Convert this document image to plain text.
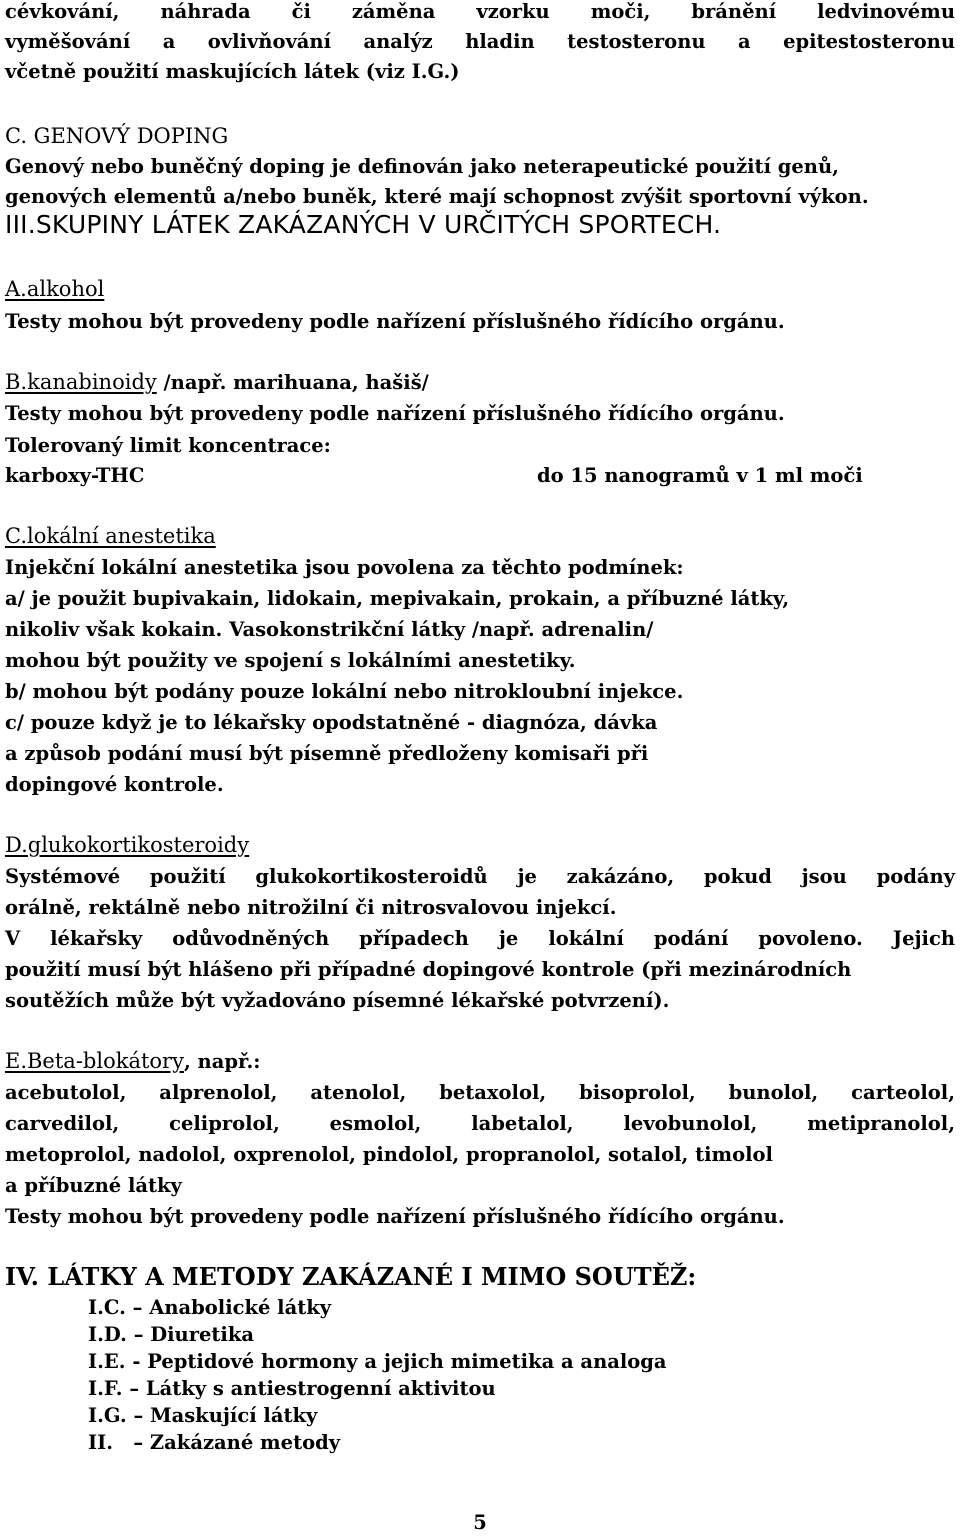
cévkování, náhrada či záměna vzorku moči, bránění ledvinovému
vyměšování a ovlivňování analýz hladin testosteronu a epitestosteronu
včetně použití maskujících látek (viz I.G.)
C. GENOVÝ DOPING
Genový nebo buněčný doping je definován jako neterapeutické použití genů,
genových elementů a/nebo buněk, které mají schopnost zvýšit sportovní výkon.
III.SKUPINY LÁTEK ZAKÁZANÝCH V URČITÝCH SPORTECH.
A.alkohol
Testy mohou být provedeny podle nařízení příslušného řídícího orgánu.
B.kanabinoidy /např. marihuana, hašiš/
Testy mohou být provedeny podle nařízení příslušného řídícího orgánu.
Tolerovaný limit koncentrace:
karboxy-THC	do 15 nanogramů v 1 ml moči
C.lokální anestetika
Injekční lokální anestetika jsou povolena za těchto podmínek:
a/ je použit bupivakain, lidokain, mepivakain, prokain, a příbuzné látky,
nikoliv však kokain. Vasokonstrikční látky /např. adrenalin/
mohou být použity ve spojení s lokálními anestetiky.
b/ mohou být podány pouze lokální nebo nitrokloubní injekce.
c/ pouze když je to lékařsky opodstatněné - diagnóza, dávka
a způsob podání musí být písemně předloženy komisaři při
dopingové kontrole.
D.glukokortikosteroidy
Systémové použití glukokortikosteroidů je zakázáno, pokud jsou podány
orálně, rektálně nebo nitrožilní či nitrosvalovou injekcí.
V lékařsky odůvodněných případech je lokální podání povoleno. Jejich
použití musí být hlášeno při případné dopingové kontrole (při mezinárodních
soutěžích může být vyžadováno písemné lékařské potvrzení).
E.Beta-blokátory, např.:
acebutolol, alprenolol, atenolol, betaxolol, bisoprolol, bunolol, carteolol,
carvedilol, celiprolol, esmolol, labetalol, levobunolol, metipranolol,
metoprolol, nadolol, oxprenolol, pindolol, propranolol, sotalol, timolol
a příbuzné látky
Testy mohou být provedeny podle nařízení příslušného řídícího orgánu.
IV. LÁTKY A METODY ZAKÁZANÉ I MIMO SOUTĚŽ:
I.C. – Anabolické látky
I.D. – Diuretika
I.E. - Peptidové hormony a jejich mimetika a analoga
I.F. – Látky s antiestrogenní aktivitou
I.G. – Maskující látky
II.   – Zakázané metody
5
